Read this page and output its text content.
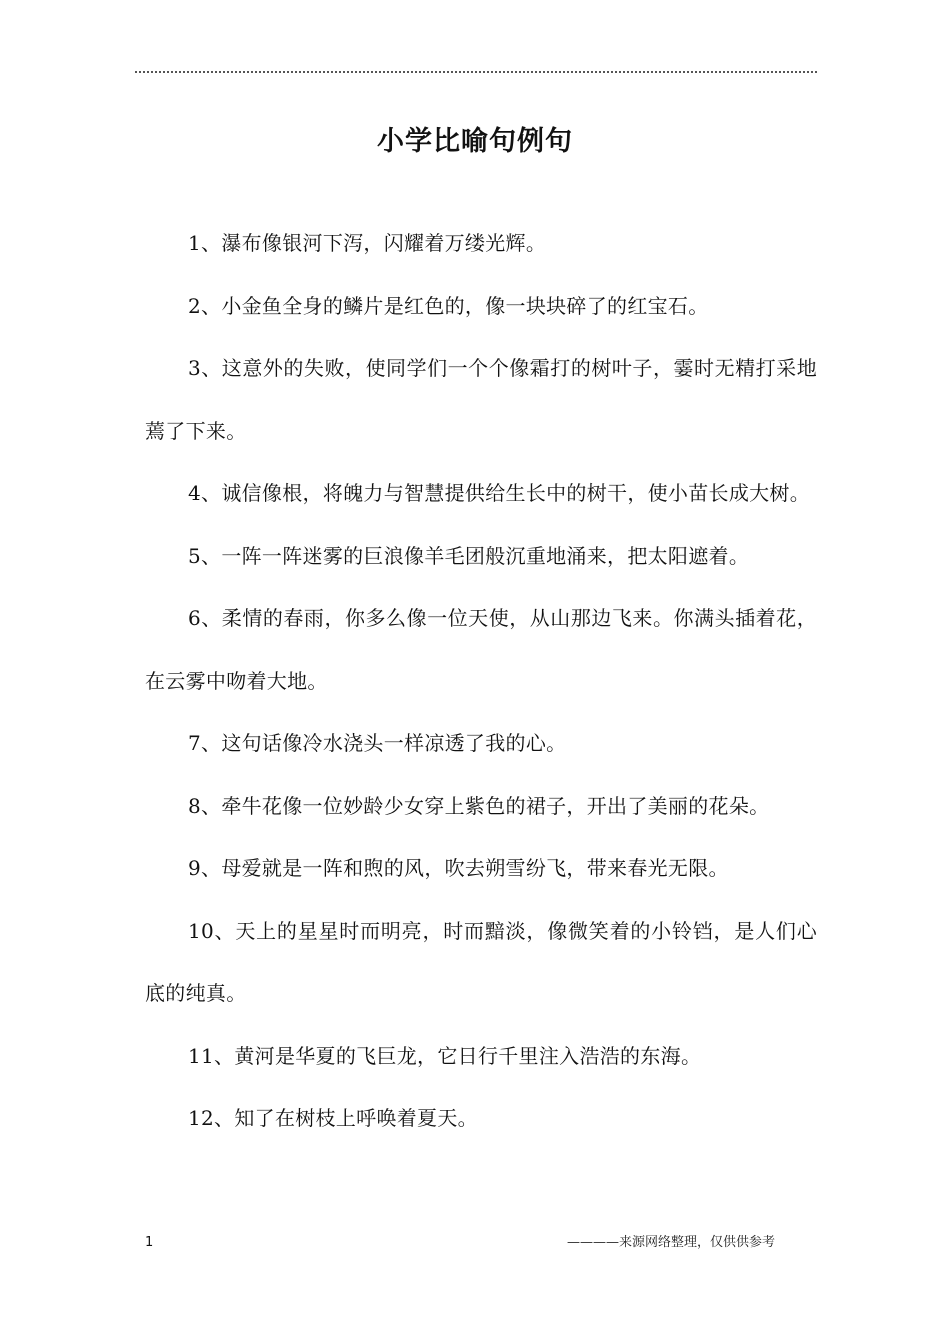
小学比喻句例句

1、瀑布像银河下泻，闪耀着万缕光辉。

2、小金鱼全身的鳞片是红色的，像一块块碎了的红宝石。

3、这意外的失败，使同学们一个个像霜打的树叶子，霎时无精打采地蔫了下来。

4、诚信像根，将魄力与智慧提供给生长中的树干，使小苗长成大树。

5、一阵一阵迷雾的巨浪像羊毛团般沉重地涌来，把太阳遮着。

6、柔情的春雨，你多么像一位天使，从山那边飞来。你满头插着花，在云雾中吻着大地。

7、这句话像冷水浇头一样凉透了我的心。

8、牵牛花像一位妙龄少女穿上紫色的裙子，开出了美丽的花朵。

9、母爱就是一阵和煦的风，吹去朔雪纷飞，带来春光无限。

10、天上的星星时而明亮，时而黯淡，像微笑着的小铃铛，是人们心底的纯真。

11、黄河是华夏的飞巨龙，它日行千里注入浩浩的东海。

12、知了在树枝上呼唤着夏天。

1	————来源网络整理，仅供供参考
